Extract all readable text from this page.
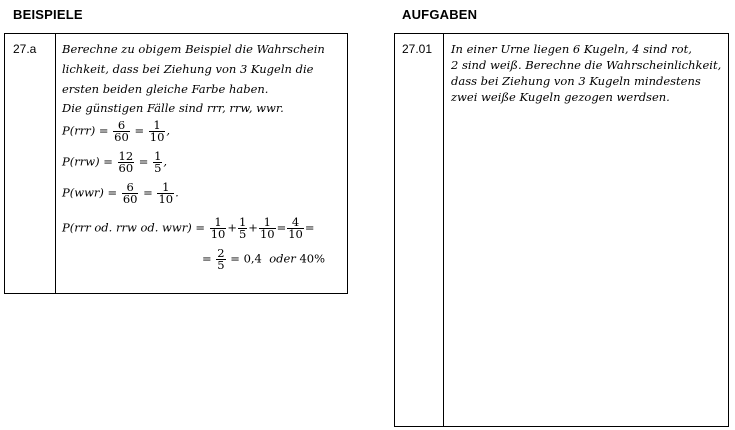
BEISPIELE	AUFGABEN
27.a Berechne zu obigem Beispiel die Wahrschein
lichkeit, dass bei Ziehung von 3 Kugeln die
ersten beiden gleiche Farbe haben.
Die günstigen Fälle sind rrr, rrw, wwr.
$P(rrr) = \frac{6}{60} = \frac{1}{10}$ ,
$P(rrw) = \frac{12}{60} = \frac{1}{5}$ ,
$P(wwr) = \frac{6}{60} = \frac{1}{10}$ .
P(rrr od. rrw od. $wwr) = \frac{1}{10} + \frac{1}{5} + \frac{1}{10} = \frac{4}{10}$ =
= $\frac{2}{5} = 0,4$ oder 40%
27.01 In einer Urne liegen 6 Kugeln, 4 sind rot,
2 sind weiß. Berechne die Wahrscheinlichkeit,
dass bei Ziehung von 3 Kugeln mindestens
zwei weiße Kugeln gezogen werdsen.
